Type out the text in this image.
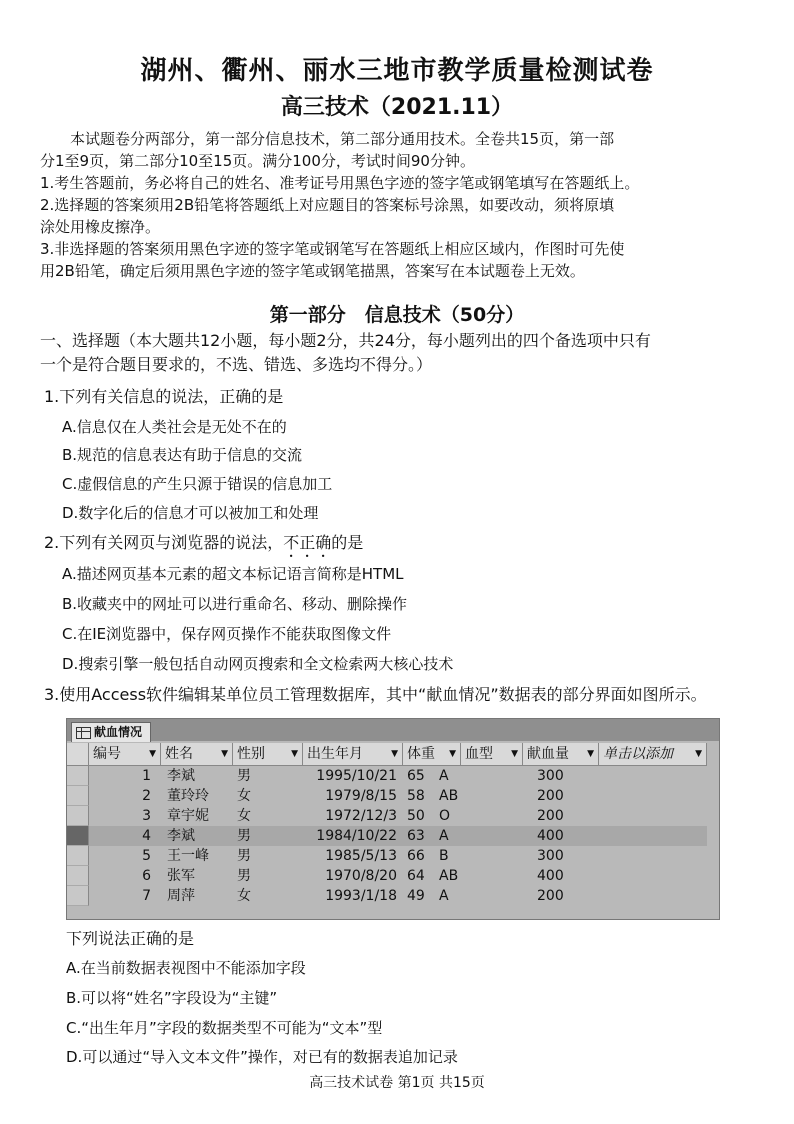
湖州、衢州、丽水三地市教学质量检测试卷
高三技术（2021.11）
本试题卷分两部分，第一部分信息技术，第二部分通用技术。全卷共15页，第一部
分1至9页，第二部分10至15页。满分100分，考试时间90分钟。
1.考生答题前，务必将自己的姓名、准考证号用黑色字迹的签字笔或钢笔填写在答题纸上。
2.选择题的答案须用2B铅笔将答题纸上对应题目的答案标号涂黑，如要改动，须将原填
涂处用橡皮擦净。
3.非选择题的答案须用黑色字迹的签字笔或钢笔写在答题纸上相应区域内，作图时可先使
用2B铅笔，确定后须用黑色字迹的签字笔或钢笔描黑，答案写在本试题卷上无效。
第一部分　信息技术（50分）
一、选择题（本大题共12小题，每小题2分，共24分，每小题列出的四个备选项中只有
一个是符合题目要求的，不选、错选、多选均不得分。）
1.下列有关信息的说法，正确的是
A.信息仅在人类社会是无处不在的
B.规范的信息表达有助于信息的交流
C.虚假信息的产生只源于错误的信息加工
D.数字化后的信息才可以被加工和处理
2.下列有关网页与浏览器的说法，不正确的是
A.描述网页基本元素的超文本标记语言简称是HTML
B.收藏夹中的网址可以进行重命名、移动、删除操作
C.在IE浏览器中，保存网页操作不能获取图像文件
D.搜索引擎一般包括自动网页搜索和全文检索两大核心技术
3.使用Access软件编辑某单位员工管理数据库，其中“献血情况”数据表的部分界面如图所示。
献血情况
编号	▼ 姓名	▼ 性别	▼ 出生年月	▼ 体重 ▼ 血型 ▼ 献血量 ▼ 单击以添加 ▼
1 李斌	男	1995/10/21 65	A	300
2 董玲玲	女	1979/8/15 58	AB	200
3 章宇妮	女	1972/12/3 50	O	200
4 李斌	男	1984/10/22 63	A	400
5 王一峰	男	1985/5/13 66	B	300
6 张军	男	1970/8/20 64	AB	400
7 周萍	女	1993/1/18 49	A	200
下列说法正确的是
A.在当前数据表视图中不能添加字段
B.可以将“姓名”字段设为“主键”
C.“出生年月”字段的数据类型不可能为“文本”型
D.可以通过“导入文本文件”操作，对已有的数据表追加记录
高三技术试卷 第1页 共15页
